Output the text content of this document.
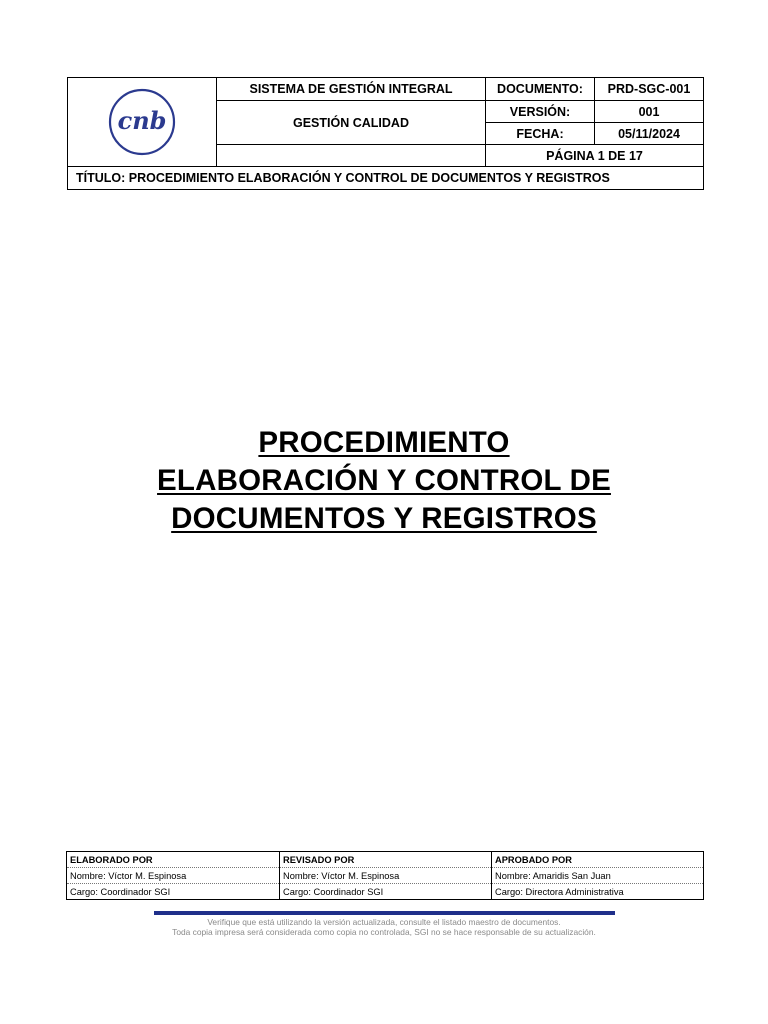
cnb	SISTEMA DE GESTIÓN INTEGRAL	DOCUMENTO:	PRD-SGC-001
	GESTIÓN CALIDAD	VERSIÓN:	001
		FECHA:	05/11/2024
		PÁGINA 1 DE 17	
TÍTULO: PROCEDIMIENTO ELABORACIÓN Y CONTROL DE DOCUMENTOS Y REGISTROS			
PROCEDIMIENTO
ELABORACIÓN Y CONTROL DE
DOCUMENTOS Y REGISTROS
ELABORADO POR	REVISADO POR	APROBADO POR
Nombre: Víctor M. Espinosa	Nombre: Víctor M. Espinosa	Nombre: Amaridis San Juan
Cargo: Coordinador SGI	Cargo: Coordinador SGI	Cargo: Directora Administrativa
Verifique que está utilizando la versión actualizada, consulte el listado maestro de documentos.
Toda copia impresa será considerada como copia no controlada, SGI no se hace responsable de su actualización.
